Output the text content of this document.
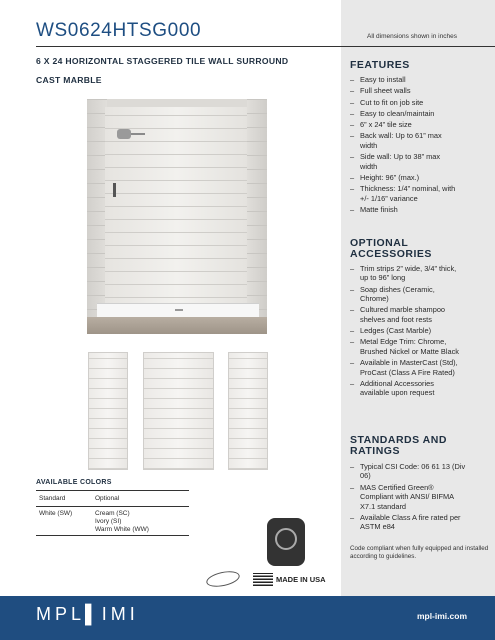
WS0624HTSG000	All dimensions shown in inches
6 X 24 HORIZONTAL STAGGERED TILE WALL SURROUND
CAST MARBLE
AVAILABLE COLORS
Standard	Optional
White (SW)	Cream (SC)
Ivory (SI)
Warm White (WW)
MADE IN USA
FEATURES
– Easy to install
– Full sheet walls
– Cut to fit on job site
– Easy to clean/maintain
– 6” x 24” tile size
– Back wall: Up to 61” max width
– Side wall: Up to 38” max width
– Height: 96” (max.)
– Thickness: 1/4” nominal, with +/- 1/16” variance
– Matte finish
OPTIONAL ACCESSORIES
– Trim strips 2” wide, 3/4” thick, up to 96” long
– Soap dishes (Ceramic, Chrome)
– Cultured marble shampoo shelves and foot rests
– Ledges (Cast Marble)
– Metal Edge Trim: Chrome, Brushed Nickel or Matte Black
– Available in MasterCast (Std), ProCast (Class A Fire Rated)
– Additional Accessories available upon request
STANDARDS AND RATINGS
– Typical CSI Code: 06 61 13 (Div 06)
– MAS Certified Green® Compliant with ANSI/ BIFMA X7.1 standard
– Available Class A fire rated per ASTM e84
Code compliant when fully equipped and installed according to guidelines.
MPL▌IMI	mpl-imi.com
